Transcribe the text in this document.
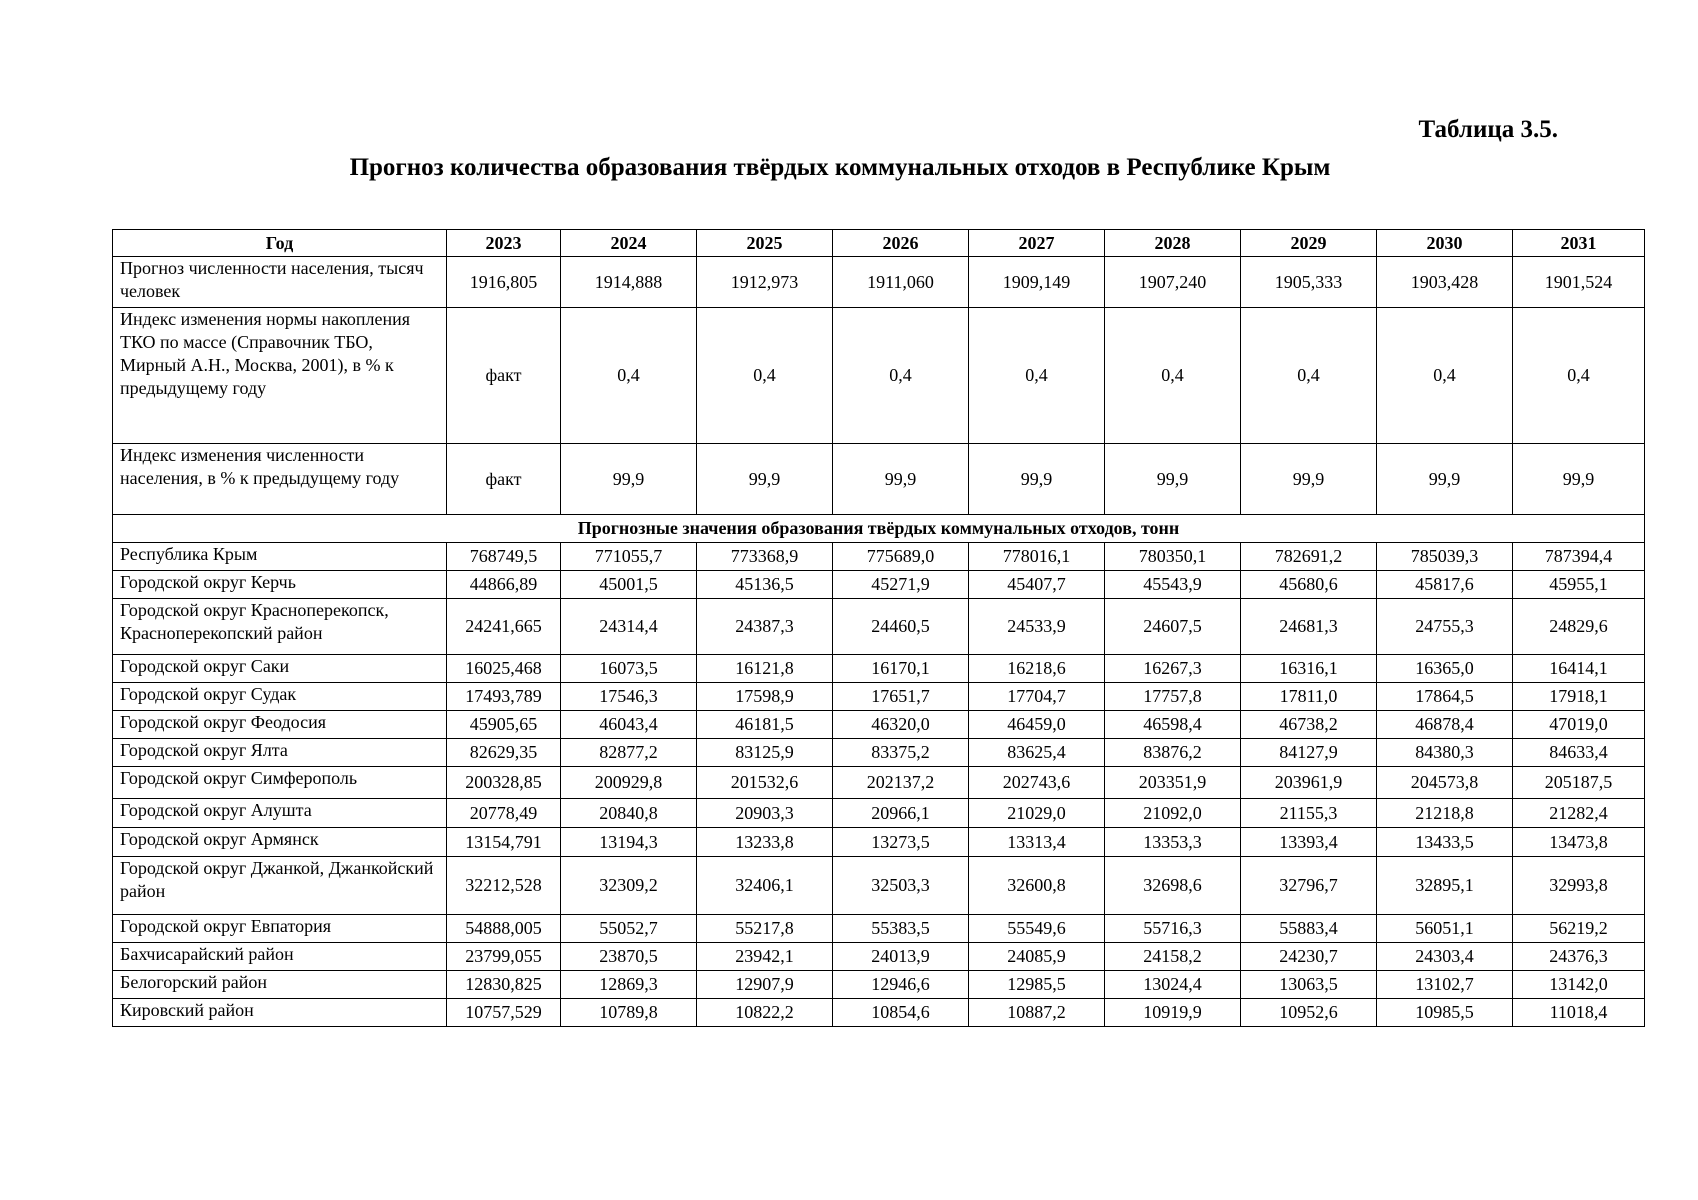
Таблица 3.5.
Прогноз количества образования твёрдых коммунальных отходов в Республике Крым
Год	2023	2024	2025	2026	2027	2028	2029	2030	2031
Прогноз численности населения, тысяч человек	1916,805	1914,888	1912,973	1911,060	1909,149	1907,240	1905,333	1903,428	1901,524
Индекс изменения нормы накопления ТКО по массе (Справочник ТБО, Мирный А.Н., Москва, 2001), в % к предыдущему году	факт	0,4	0,4	0,4	0,4	0,4	0,4	0,4	0,4
Индекс изменения численности населения, в % к предыдущему году	факт	99,9	99,9	99,9	99,9	99,9	99,9	99,9	99,9
Прогнозные значения образования твёрдых коммунальных отходов, тонн									
Республика Крым	768749,5	771055,7	773368,9	775689,0	778016,1	780350,1	782691,2	785039,3	787394,4
Городской округ Керчь	44866,89	45001,5	45136,5	45271,9	45407,7	45543,9	45680,6	45817,6	45955,1
Городской округ Красноперекопск, Красноперекопский район	24241,665	24314,4	24387,3	24460,5	24533,9	24607,5	24681,3	24755,3	24829,6
Городской округ Саки	16025,468	16073,5	16121,8	16170,1	16218,6	16267,3	16316,1	16365,0	16414,1
Городской округ Судак	17493,789	17546,3	17598,9	17651,7	17704,7	17757,8	17811,0	17864,5	17918,1
Городской округ Феодосия	45905,65	46043,4	46181,5	46320,0	46459,0	46598,4	46738,2	46878,4	47019,0
Городской округ Ялта	82629,35	82877,2	83125,9	83375,2	83625,4	83876,2	84127,9	84380,3	84633,4
Городской округ Симферополь	200328,85	200929,8	201532,6	202137,2	202743,6	203351,9	203961,9	204573,8	205187,5
Городской округ Алушта	20778,49	20840,8	20903,3	20966,1	21029,0	21092,0	21155,3	21218,8	21282,4
Городской округ Армянск	13154,791	13194,3	13233,8	13273,5	13313,4	13353,3	13393,4	13433,5	13473,8
Городской округ Джанкой, Джанкойский район	32212,528	32309,2	32406,1	32503,3	32600,8	32698,6	32796,7	32895,1	32993,8
Городской округ Евпатория	54888,005	55052,7	55217,8	55383,5	55549,6	55716,3	55883,4	56051,1	56219,2
Бахчисарайский район	23799,055	23870,5	23942,1	24013,9	24085,9	24158,2	24230,7	24303,4	24376,3
Белогорский район	12830,825	12869,3	12907,9	12946,6	12985,5	13024,4	13063,5	13102,7	13142,0
Кировский район	10757,529	10789,8	10822,2	10854,6	10887,2	10919,9	10952,6	10985,5	11018,4
